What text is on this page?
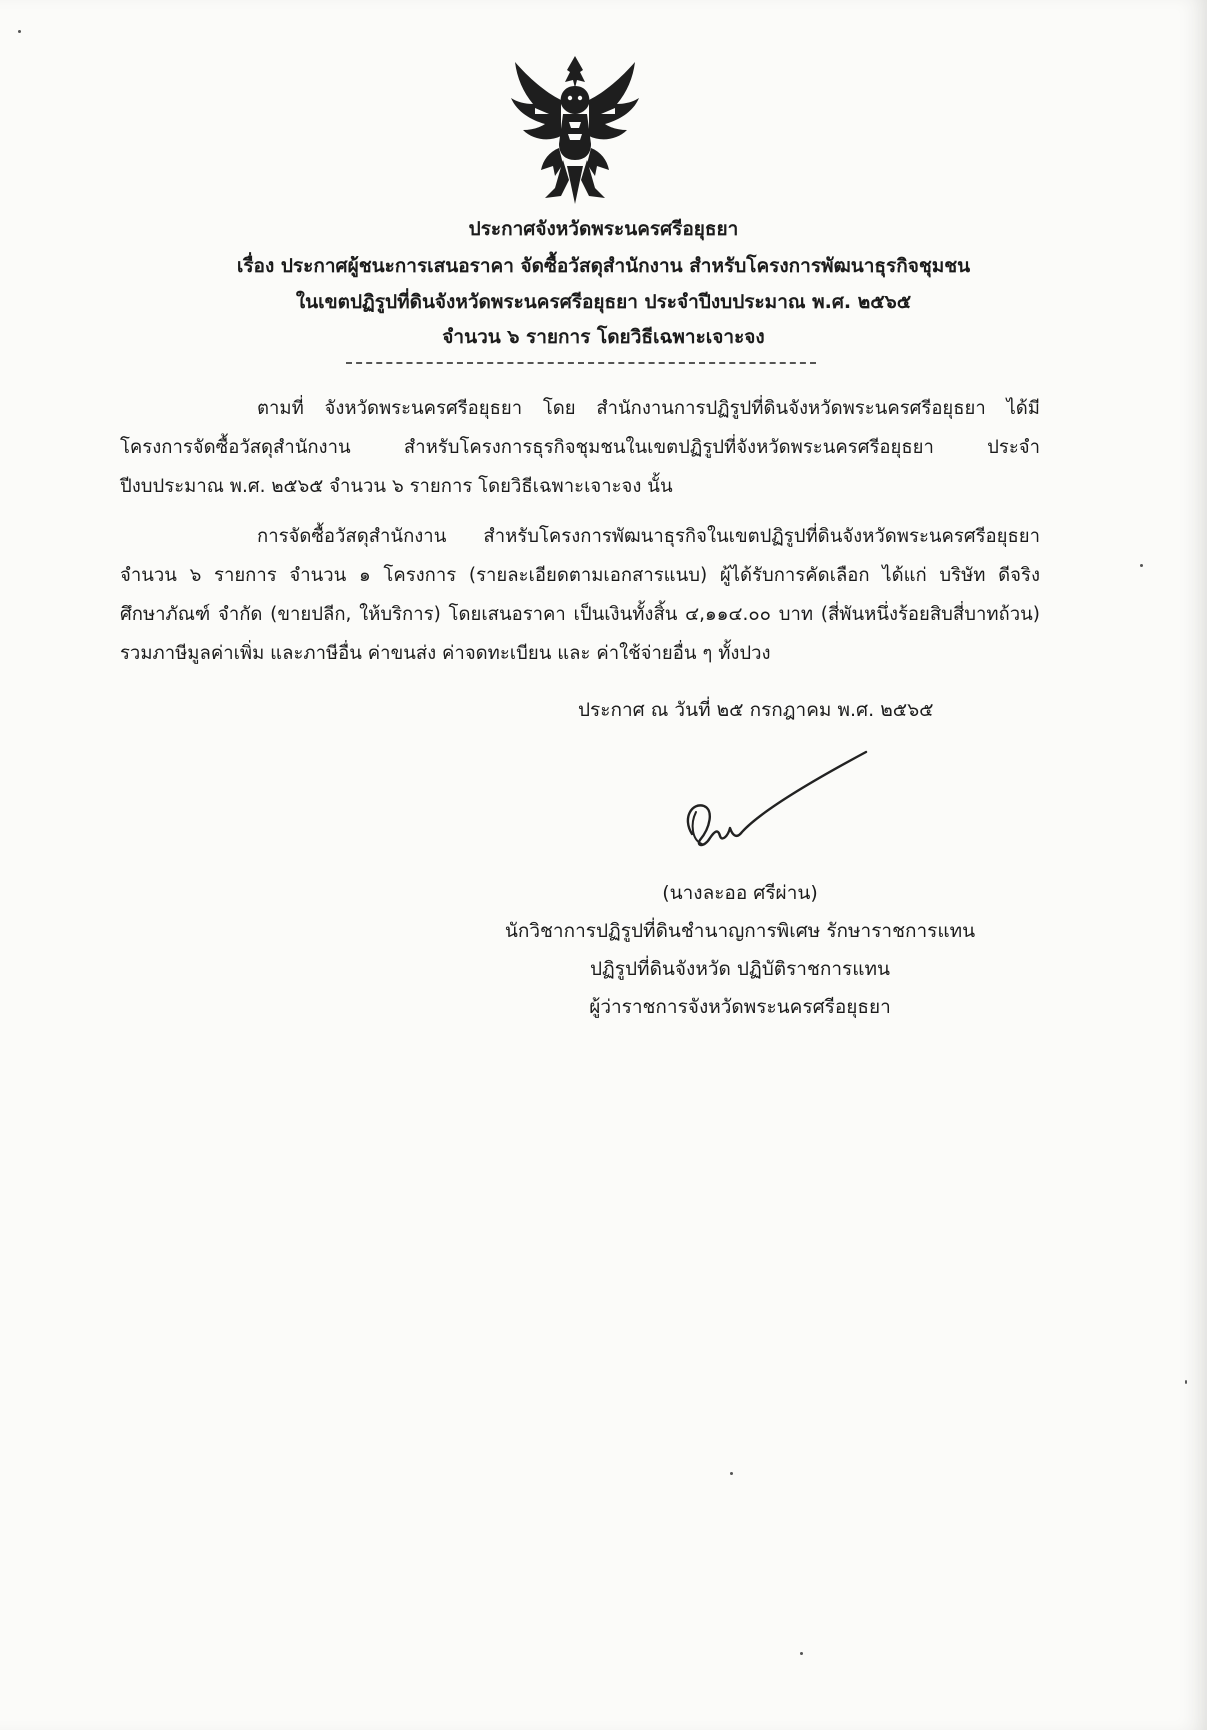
ประกาศจังหวัดพระนครศรีอยุธยา
เรื่อง ประกาศผู้ชนะการเสนอราคา จัดซื้อวัสดุสำนักงาน สำหรับโครงการพัฒนาธุรกิจชุมชน
ในเขตปฏิรูปที่ดินจังหวัดพระนครศรีอยุธยา ประจำปีงบประมาณ พ.ศ. ๒๕๖๕
จำนวน ๖ รายการ โดยวิธีเฉพาะเจาะจง
ตามที่ จังหวัดพระนครศรีอยุธยา โดย สำนักงานการปฏิรูปที่ดินจังหวัดพระนครศรีอยุธยา ได้มีโครงการจัดซื้อวัสดุสำนักงาน สำหรับโครงการธุรกิจชุมชนในเขตปฏิรูปที่จังหวัดพระนครศรีอยุธยา ประจำปีงบประมาณ พ.ศ. ๒๕๖๕ จำนวน ๖ รายการ โดยวิธีเฉพาะเจาะจง นั้น
การจัดซื้อวัสดุสำนักงาน สำหรับโครงการพัฒนาธุรกิจในเขตปฏิรูปที่ดินจังหวัดพระนครศรีอยุธยา จำนวน ๖ รายการ จำนวน ๑ โครงการ (รายละเอียดตามเอกสารแนบ) ผู้ได้รับการคัดเลือก ได้แก่ บริษัท ดีจริงศึกษาภัณฑ์ จำกัด (ขายปลีก, ให้บริการ) โดยเสนอราคา เป็นเงินทั้งสิ้น ๔,๑๑๔.๐๐ บาท (สี่พันหนึ่งร้อยสิบสี่บาทถ้วน) รวมภาษีมูลค่าเพิ่ม และภาษีอื่น ค่าขนส่ง ค่าจดทะเบียน และ ค่าใช้จ่ายอื่น ๆ ทั้งปวง
ประกาศ ณ วันที่ ๒๕ กรกฎาคม พ.ศ. ๒๕๖๕
(นางละออ ศรีผ่าน)
นักวิชาการปฏิรูปที่ดินชำนาญการพิเศษ รักษาราชการแทน
ปฏิรูปที่ดินจังหวัด ปฏิบัติราชการแทน
ผู้ว่าราชการจังหวัดพระนครศรีอยุธยา
